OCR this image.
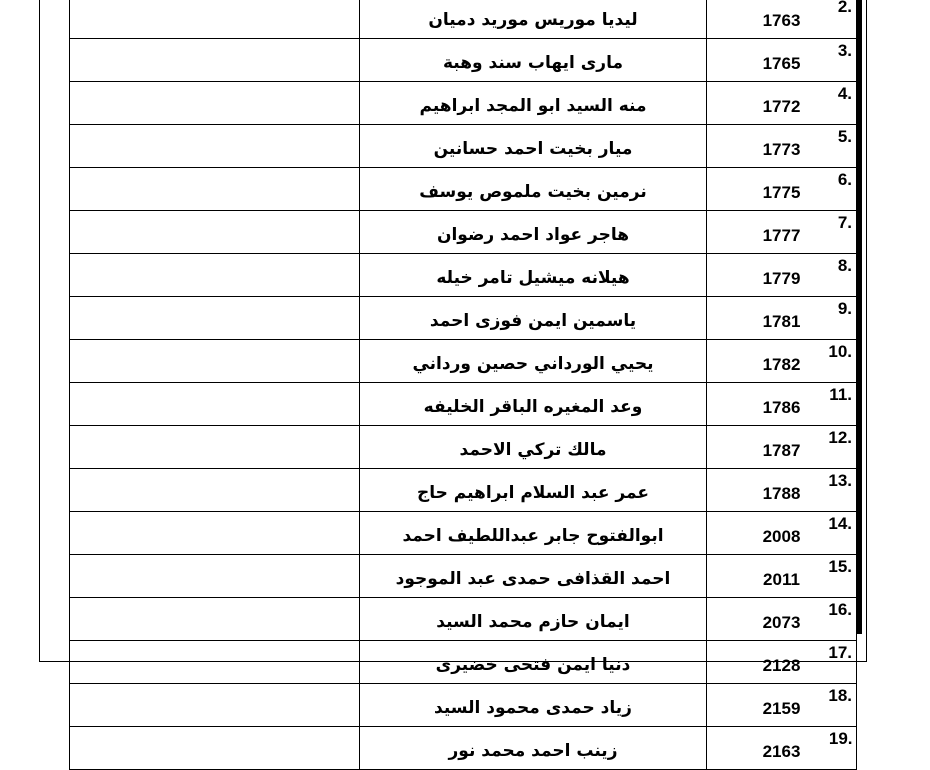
	ليديا موريس موريد دميان	1763	2.

	مارى ايهاب سند وهبة	1765	3.

	منه السيد ابو المجد ابراهيم	1772	4.

	ميار بخيت احمد حسانين	1773	5.

	نرمين بخيت ملموص يوسف	1775	6.

	هاجر عواد احمد رضوان	1777	7.

	هيلانه ميشيل تامر خيله	1779	8.

	ياسمين ايمن فوزى احمد	1781	9.

	يحيي الورداني حصين ورداني	1782	10.

	وعد المغيره الباقر الخليفه	1786	11.

	مالك تركي الاحمد	1787	12.

	عمر عبد السلام ابراهيم حاج	1788	13.

	ابوالفتوح جابر عبداللطيف احمد	2008	14.

	احمد القذافى حمدى عبد الموجود	2011	15.

	ايمان حازم محمد السيد	2073	16.

	دنيا ايمن فتحى خضيرى	2128	17.

	زياد حمدى محمود السيد	2159	18.

	زينب احمد محمد نور	2163	19.
